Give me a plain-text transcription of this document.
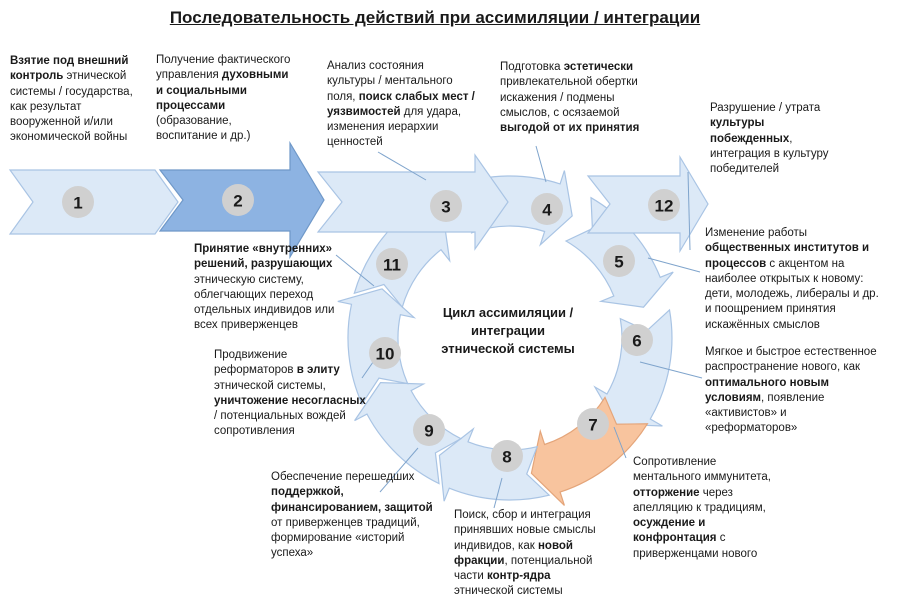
Последовательность действий при ассимиляции / интеграции
1	2	3	4
5
6
7
8
9
10
11
12
Взятие под внешний
контроль этнической
системы / государства,
как результат
вооруженной и/или
экономической войны
Получение фактического
управления духовными
и социальными
процессами
(образование,
воспитание и др.)
Анализ состояния
культуры / ментального
поля, поиск слабых мест /
уязвимостей для удара,
изменения иерархии
ценностей
Подготовка эстетически
привлекательной обертки
искажения / подмены
смыслов, с осязаемой
выгодой от их принятия
Разрушение / утрата
культуры
побежденных,
интеграция в культуру
победителей
Изменение работы
общественных институтов и
процессов с акцентом на
наиболее открытых к новому:
дети, молодежь, либералы и др.
и поощрением принятия
искажённых смыслов
Мягкое и быстрое естественное
распространение нового, как
оптимального новым
условиям, появление
«активистов» и
«реформаторов»
Сопротивление
ментального иммунитета,
отторжение через
апелляцию к традициям,
осуждение и
конфронтация с
приверженцами нового
Поиск, сбор и интеграция
принявших новые смыслы
индивидов, как новой
фракции, потенциальной
части контр-ядра
этнической системы
Обеспечение перешедших
поддержкой,
финансированием, защитой
от приверженцев традиций,
формирование «историй
успеха»
Продвижение
реформаторов в элиту
этнической системы,
уничтожение несогласных
/ потенциальных вождей
сопротивления
Принятие «внутренних»
решений, разрушающих
этническую систему,
облегчающих переход
отдельных индивидов или
всех приверженцев
Цикл ассимиляции /
интеграции
этнической системы
